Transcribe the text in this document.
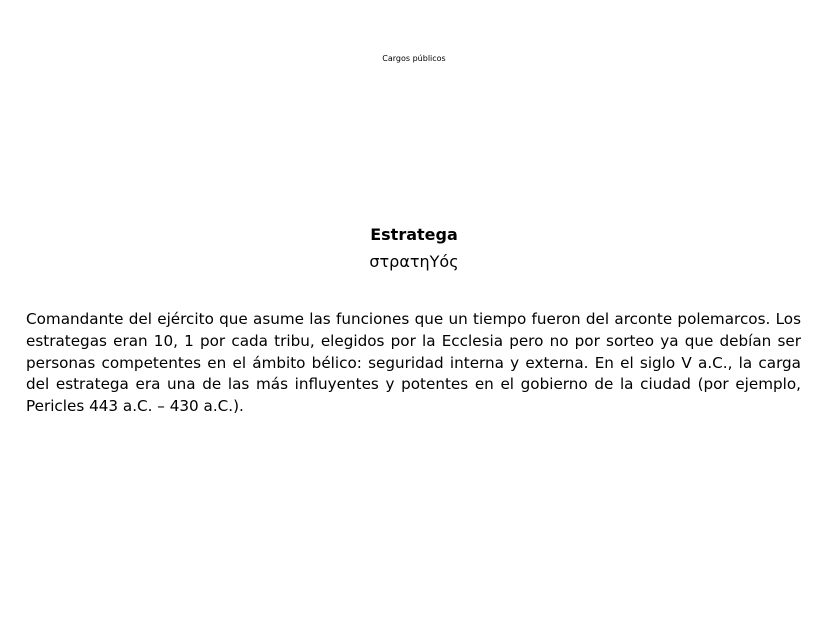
Cargos públicos
Estratega
στρατηΥός

Comandante del ejército que asume las funciones que un tiempo fueron del arconte polemarcos. Los estrategas eran 10, 1 por cada tribu, elegidos por la Ecclesia pero no por sorteo ya que debían ser personas competentes en el ámbito bélico: seguridad interna y externa. En el siglo V a.C., la carga del estratega era una de las más influyentes y potentes en el gobierno de la ciudad (por ejemplo, Pericles 443 a.C. – 430 a.C.).
